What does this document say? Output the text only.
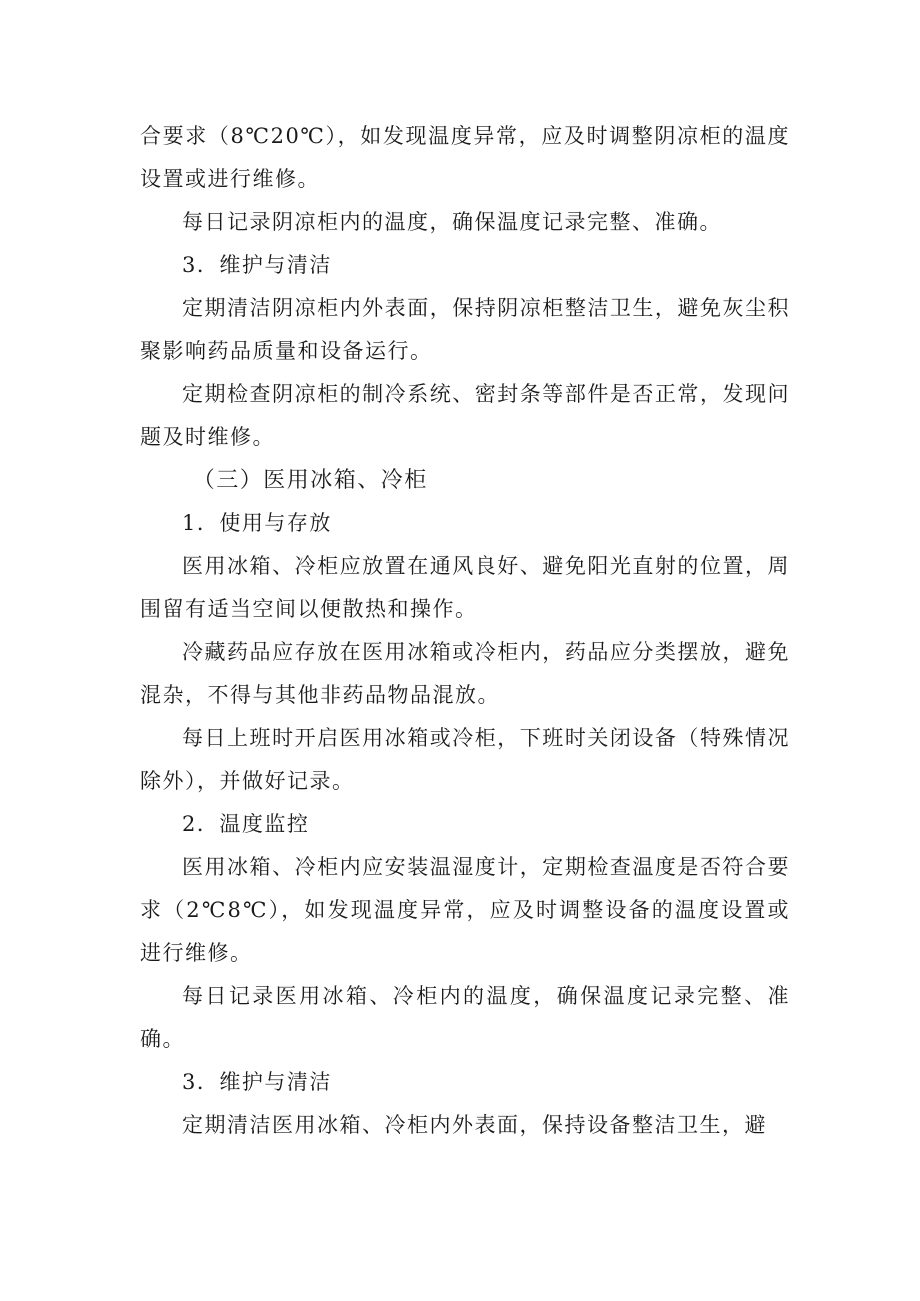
合要求（8℃20℃），如发现温度异常，应及时调整阴凉柜的温度设置或进行维修。
每日记录阴凉柜内的温度，确保温度记录完整、准确。
3．维护与清洁
定期清洁阴凉柜内外表面，保持阴凉柜整洁卫生，避免灰尘积聚影响药品质量和设备运行。
定期检查阴凉柜的制冷系统、密封条等部件是否正常，发现问题及时维修。
（三）医用冰箱、冷柜
1．使用与存放
医用冰箱、冷柜应放置在通风良好、避免阳光直射的位置，周围留有适当空间以便散热和操作。
冷藏药品应存放在医用冰箱或冷柜内，药品应分类摆放，避免混杂，不得与其他非药品物品混放。
每日上班时开启医用冰箱或冷柜，下班时关闭设备（特殊情况除外），并做好记录。
2．温度监控
医用冰箱、冷柜内应安装温湿度计，定期检查温度是否符合要求（2℃8℃），如发现温度异常，应及时调整设备的温度设置或进行维修。
每日记录医用冰箱、冷柜内的温度，确保温度记录完整、准确。
3．维护与清洁
定期清洁医用冰箱、冷柜内外表面，保持设备整洁卫生，避
